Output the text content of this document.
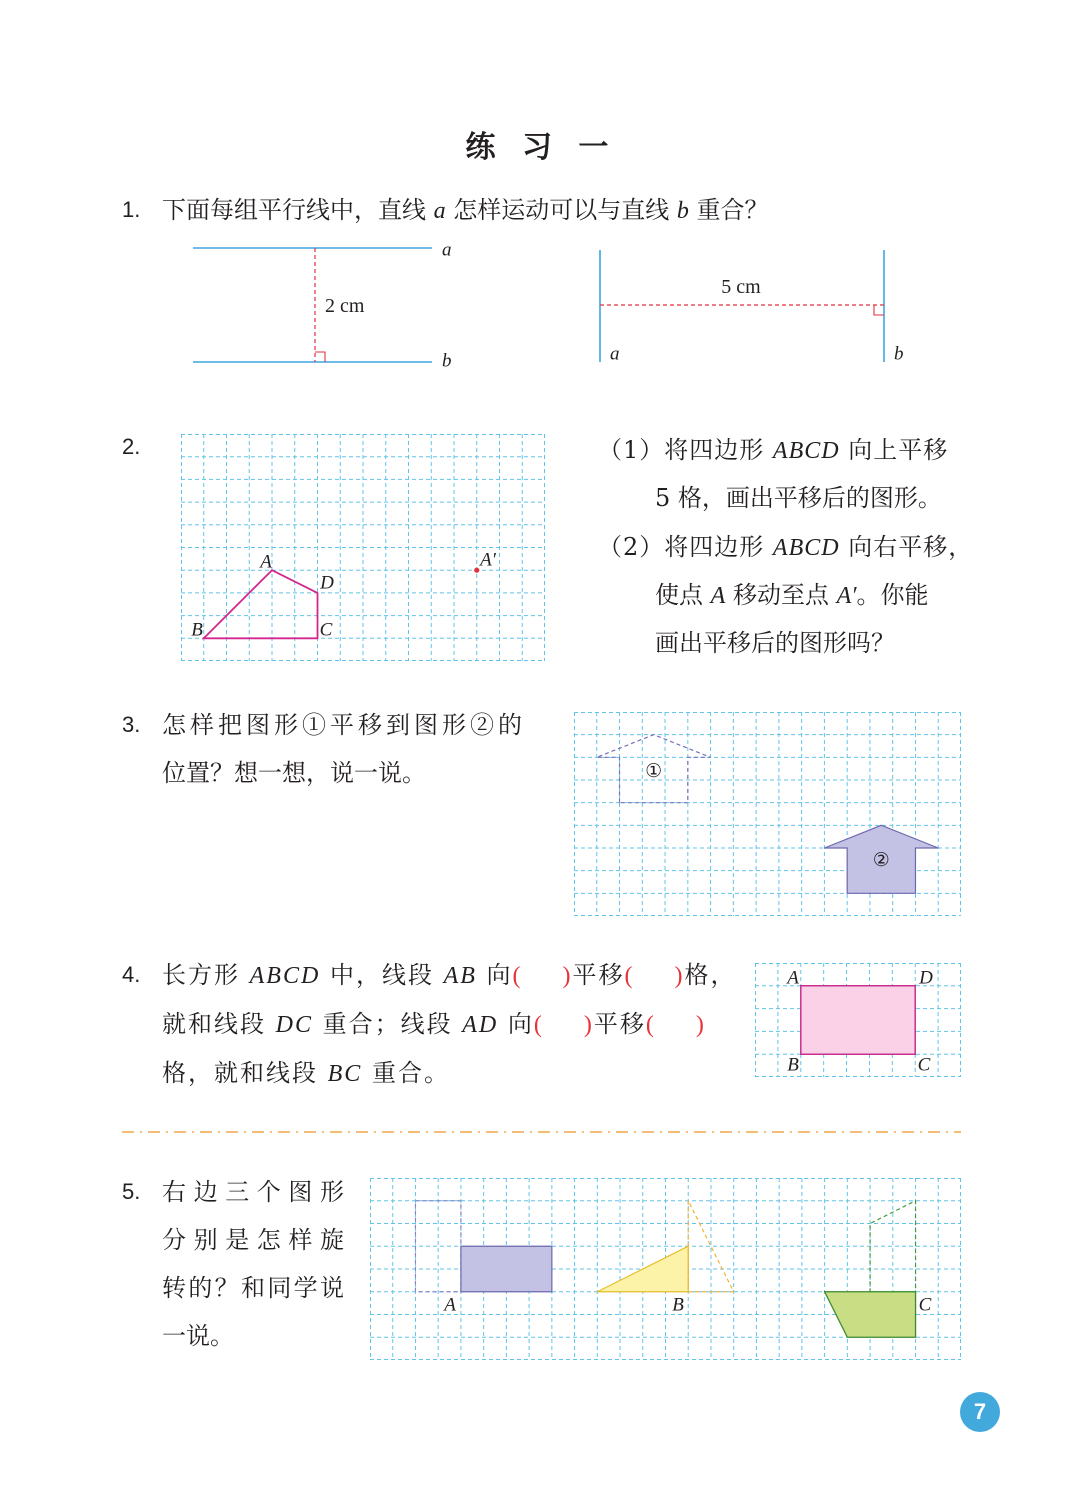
练 习 一
1. 下面每组平行线中，直线 a 怎样运动可以与直线 b 重合？
a
b
2 cm
a	b
5 cm
2.
A
B	C
D
A′
（1）将四边形 ABCD 向上平移
5 格，画出平移后的图形。
（2）将四边形 ABCD 向右平移，
使点 A 移动至点 A′。你能
画出平移后的图形吗？
3. 怎样把图形①平移到图形②的
位置？想一想，说一说。	①
②
4. 长方形 ABCD 中，线段 AB 向( )平移( )格，
就和线段 DC 重合；线段 AD 向( )平移( )
格，就和线段 BC 重合。
A
B	C
D
5. 右边三个图形
分别是怎样旋
转的？和同学说
一说。
A	B	C
7
